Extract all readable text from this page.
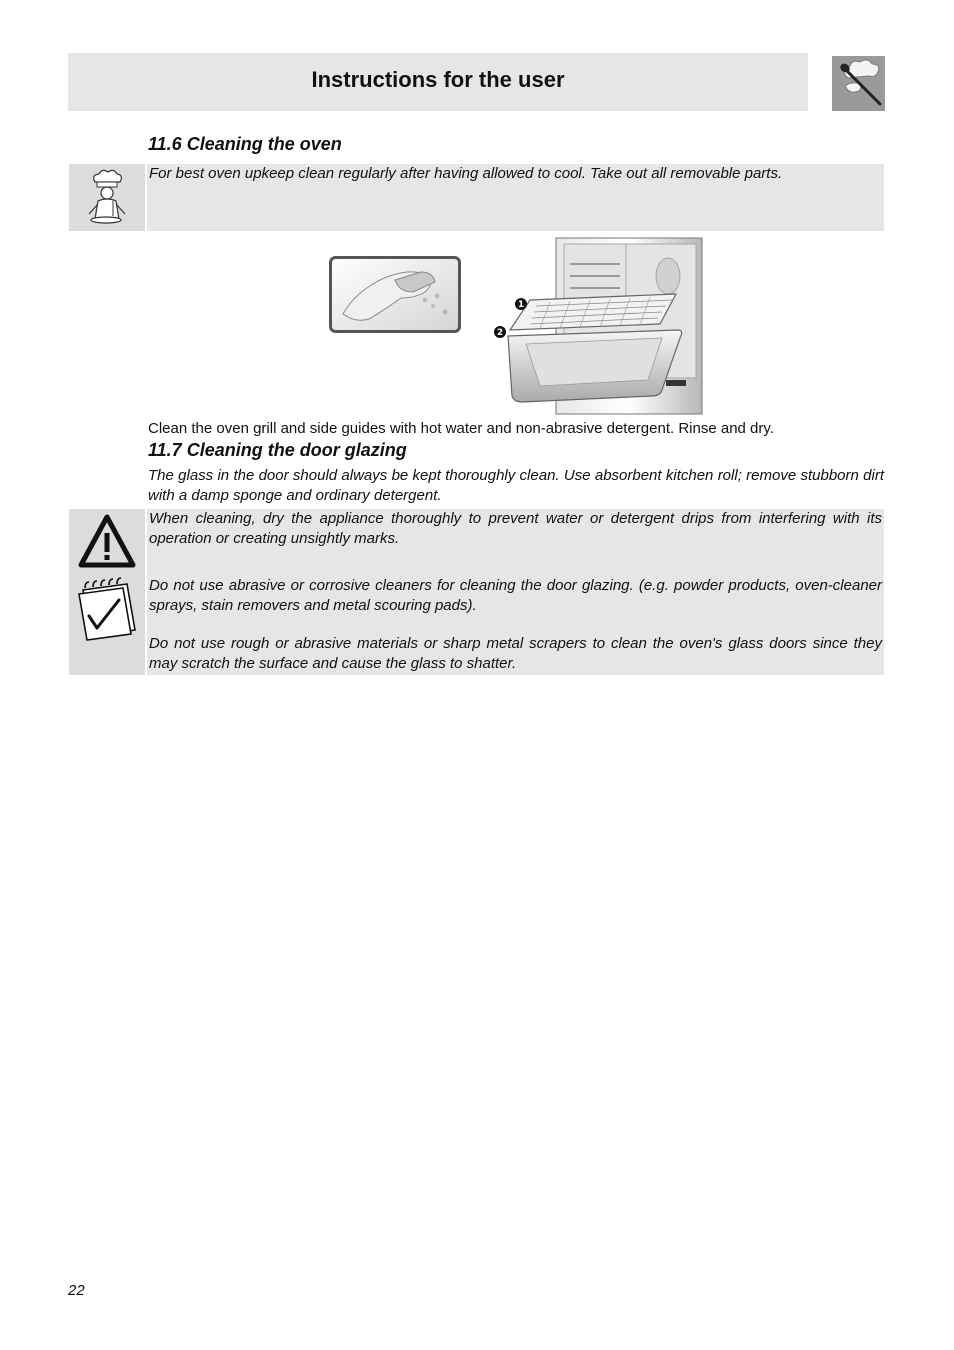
Instructions for the user
11.6 Cleaning the oven

For best oven upkeep clean regularly after having allowed to cool. Take out all removable parts.

1
2

Clean the oven grill and side guides with hot water and non-abrasive detergent. Rinse and dry.

11.7 Cleaning the door glazing

The glass in the door should always be kept thoroughly clean. Use absorbent kitchen roll; remove stubborn dirt with a damp sponge and ordinary detergent.

When cleaning, dry the appliance thoroughly to prevent water or detergent drips from interfering with its operation or creating unsightly marks.

Do not use abrasive or corrosive cleaners for cleaning the door glazing. (e.g. powder products, oven-cleaner sprays, stain removers and metal scouring pads).

Do not use rough or abrasive materials or sharp metal scrapers to clean the oven's glass doors since they may scratch the surface and cause the glass to shatter.

22
